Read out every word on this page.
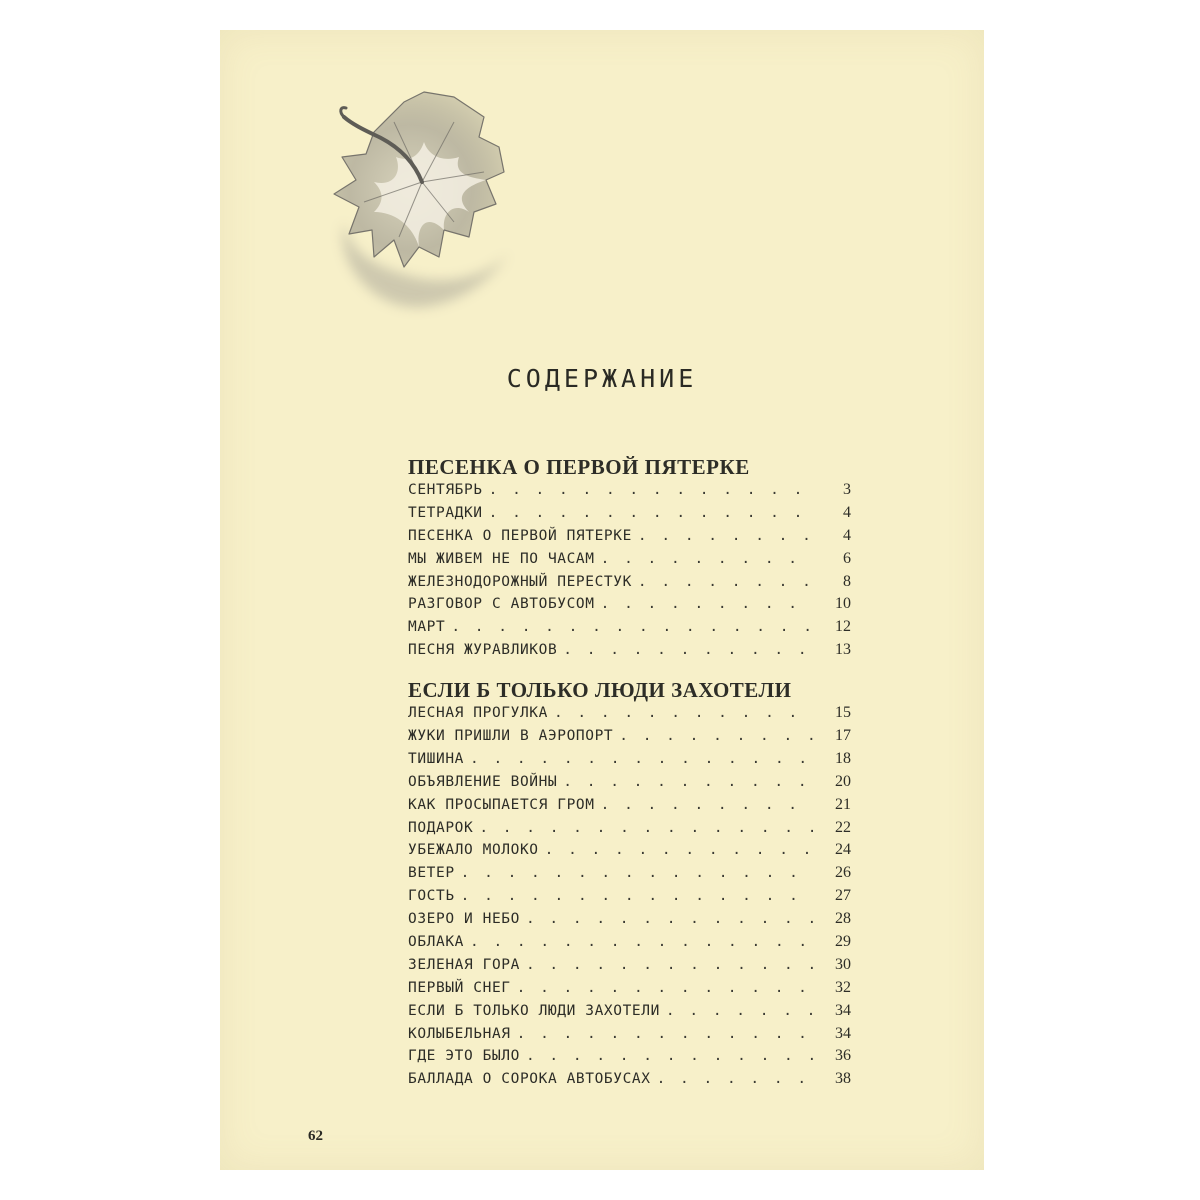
СОДЕРЖАНИЕ
ПЕСЕНКА О ПЕРВОЙ ПЯТЕРКЕ
СЕНТЯБРЬ . . .	3
ТЕТРАДКИ . . .	4
ПЕСЕНКА О ПЕРВОЙ ПЯТЕРКЕ . . .	4
МЫ ЖИВЕМ НЕ ПО ЧАСАМ . . .	6
ЖЕЛЕЗНОДОРОЖНЫЙ ПЕРЕСТУК . . .	8
РАЗГОВОР С АВТОБУСОМ . . .	10
МАРТ . . .	12
ПЕСНЯ ЖУРАВЛИКОВ . . .	13
ЕСЛИ Б ТОЛЬКО ЛЮДИ ЗАХОТЕЛИ
ЛЕСНАЯ ПРОГУЛКА . . .	15
ЖУКИ ПРИШЛИ В АЭРОПОРТ . . .	17
ТИШИНА . . .	18
ОБЪЯВЛЕНИЕ ВОЙНЫ . . .	20
КАК ПРОСЫПАЕТСЯ ГРОМ . . .	21
ПОДАРОК . . .	22
УБЕЖАЛО МОЛОКО . . .	24
ВЕТЕР . . .	26
ГОСТЬ . . .	27
ОЗЕРО И НЕБО . . .	28
ОБЛАКА . . .	29
ЗЕЛЕНАЯ ГОРА . . .	30
ПЕРВЫЙ СНЕГ . . .	32
ЕСЛИ Б ТОЛЬКО ЛЮДИ ЗАХОТЕЛИ . . .	34
КОЛЫБЕЛЬНАЯ . . .	34
ГДЕ ЭТО БЫЛО . . .	36
БАЛЛАДА О СОРОКА АВТОБУСАХ . . .	38
62
